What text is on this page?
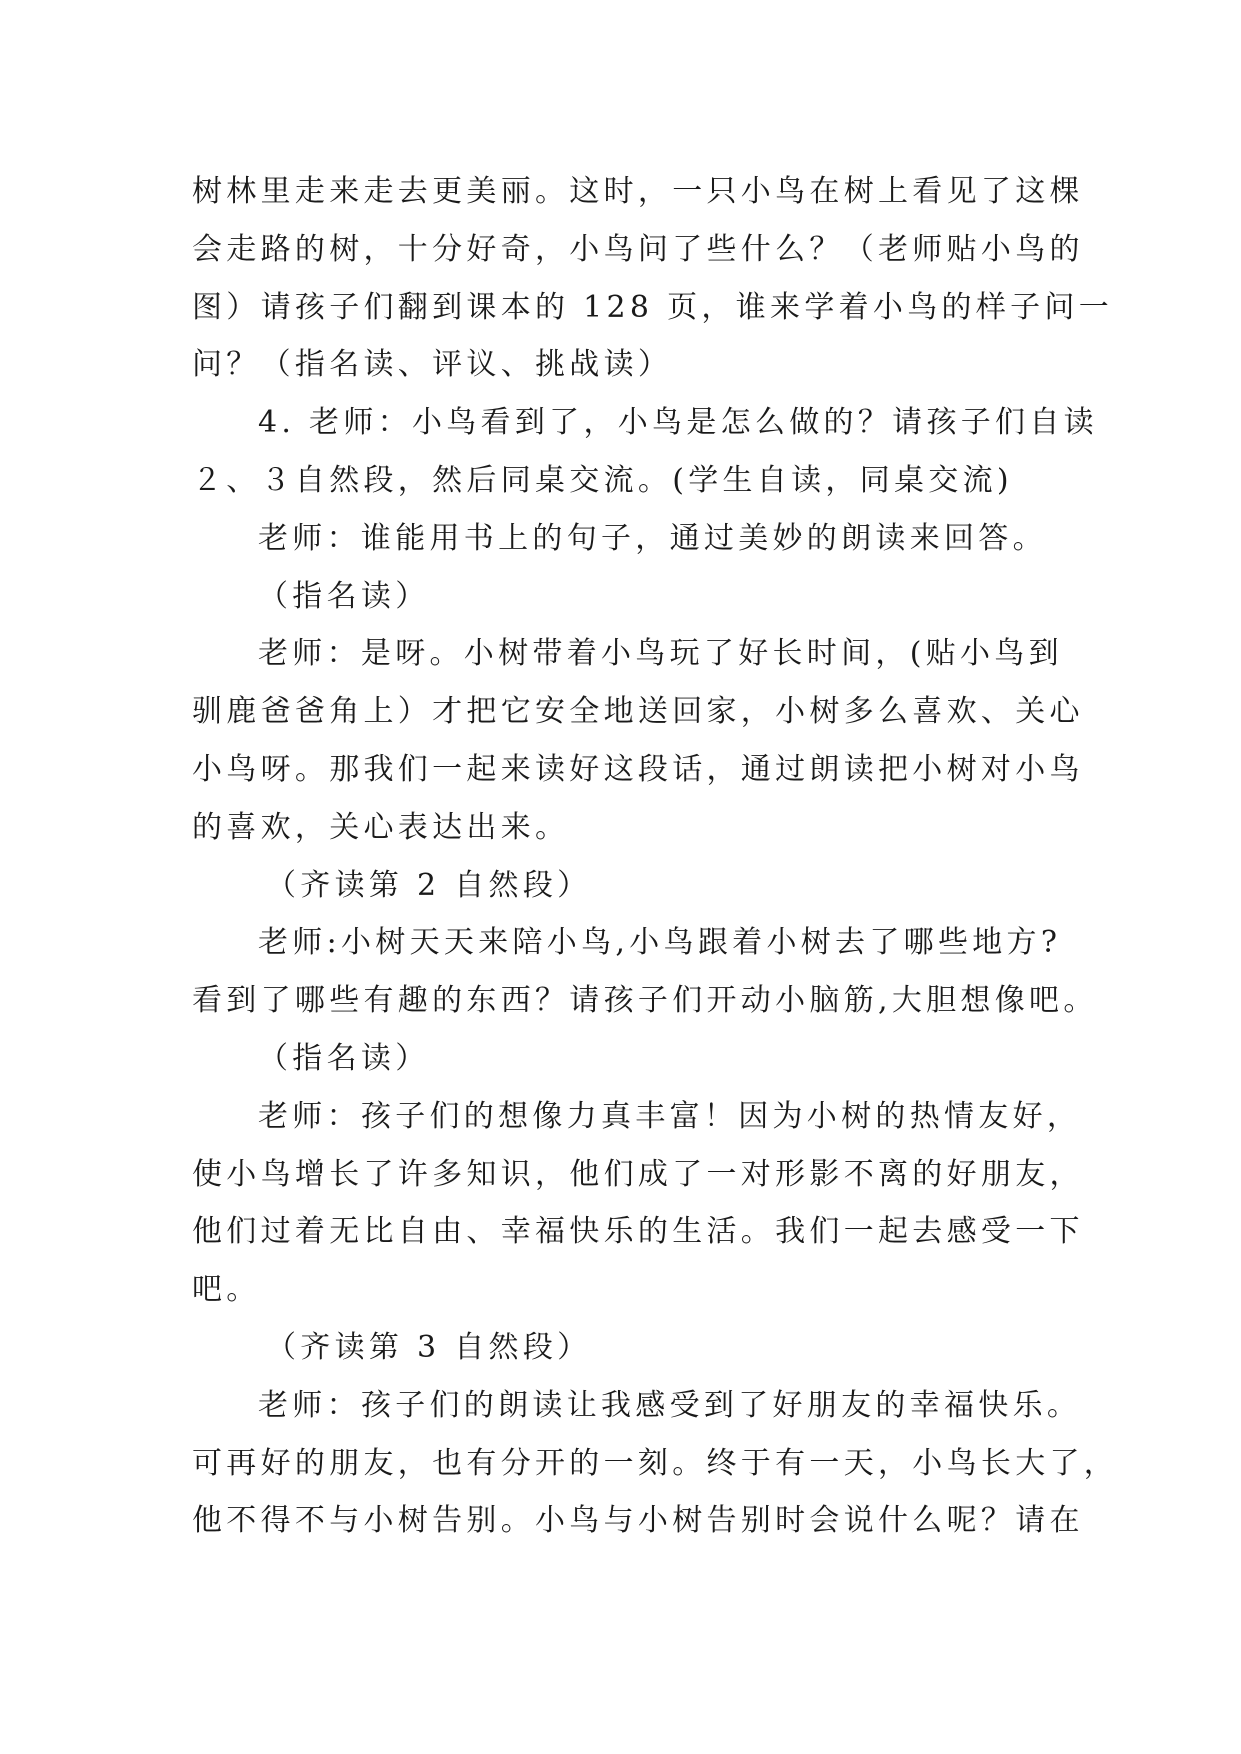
树林里走来走去更美丽。这时，一只小鸟在树上看见了这棵
会走路的树，十分好奇，小鸟问了些什么？（老师贴小鸟的
图）请孩子们翻到课本的 128 页，谁来学着小鸟的样子问一
问？（指名读、评议、挑战读）

4. 老师：小鸟看到了，小鸟是怎么做的？请孩子们自读
２、３自然段，然后同桌交流。(学生自读，同桌交流)

老师：谁能用书上的句子，通过美妙的朗读来回答。

（指名读）

老师：是呀。小树带着小鸟玩了好长时间，(贴小鸟到
驯鹿爸爸角上）才把它安全地送回家，小树多么喜欢、关心
小鸟呀。那我们一起来读好这段话，通过朗读把小树对小鸟
的喜欢，关心表达出来。

（齐读第 2 自然段）

老师:小树天天来陪小鸟,小鸟跟着小树去了哪些地方?
看到了哪些有趣的东西？请孩子们开动小脑筋,大胆想像吧。

（指名读）

老师：孩子们的想像力真丰富！因为小树的热情友好，
使小鸟增长了许多知识，他们成了一对形影不离的好朋友，
他们过着无比自由、幸福快乐的生活。我们一起去感受一下
吧。

（齐读第 3 自然段）

老师：孩子们的朗读让我感受到了好朋友的幸福快乐。
可再好的朋友，也有分开的一刻。终于有一天，小鸟长大了，
他不得不与小树告别。小鸟与小树告别时会说什么呢？请在
